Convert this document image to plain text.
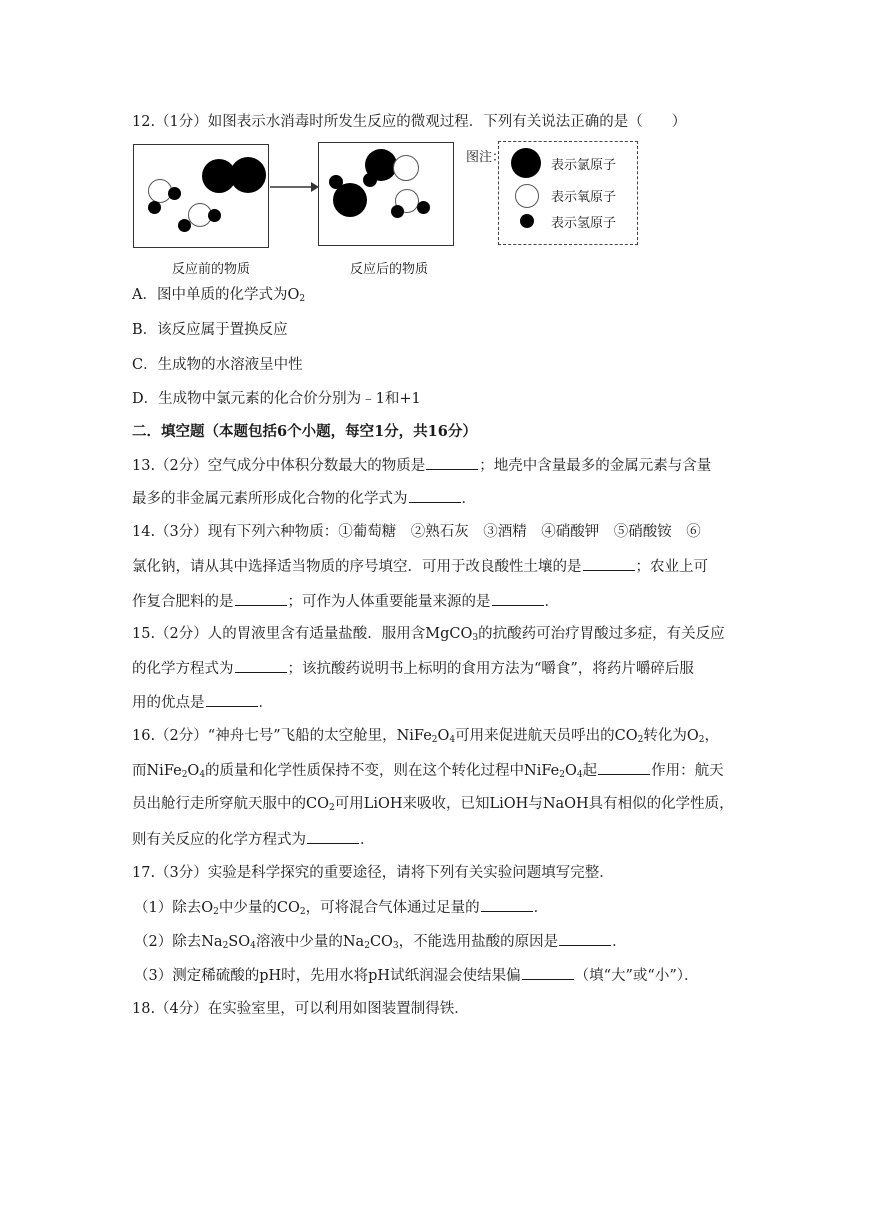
12.（1分）如图表示水消毒时所发生反应的微观过程．下列有关说法正确的是（　　）
反应前的物质	反应后的物质
图注：
表示氯原子
表示氧原子
表示氢原子
A．图中单质的化学式为$O_2$
B．该反应属于置换反应
C．生成物的水溶液呈中性
D．生成物中氯元素的化合价分别为﹣1和+1
二．填空题（本题包括6个小题，每空1分，共16分）
13.（2分）空气成分中体积分数最大的物质是	；地壳中含量最多的金属元素与含量
最多的非金属元素所形成化合物的化学式为	．
14.（3分）现有下列六种物质：①葡萄糖　②熟石灰　③酒精　④硝酸钾　⑤硝酸铵　⑥
氯化钠，请从其中选择适当物质的序号填空．可用于改良酸性土壤的是	；农业上可
作复合肥料的是	；可作为人体重要能量来源的是	．
15.（2分）人的胃液里含有适量盐酸．服用含MgCO$_3$的抗酸药可治疗胃酸过多症，有关反应
的化学方程式为	；该抗酸药说明书上标明的食用方法为“嚼食”，将药片嚼碎后服
用的优点是	．
16.（2分）“神舟七号”飞船的太空舱里，$NiFe_2O_4$可用来促进航天员呼出的$CO_2$转化为$O_2$，
而$NiFe_2O_4$的质量和化学性质保持不变，则在这个转化过程中$NiFe_2O_4$起	作用：航天
员出舱行走所穿航天服中的$CO_2$可用LiOH来吸收，已知LiOH与NaOH具有相似的化学性质，
则有关反应的化学方程式为	．
17.（3分）实验是科学探究的重要途径，请将下列有关实验问题填写完整．
（1）除去$O_2$中少量的$CO_2$，可将混合气体通过足量的	．
（2）除去$Na_2SO_4$溶液中少量的$Na_2CO_3$，不能选用盐酸的原因是	．
（3）测定稀硫酸的pH时，先用水将pH试纸润湿会使结果偏	（填“大”或“小”）．
18.（4分）在实验室里，可以利用如图装置制得铁．
